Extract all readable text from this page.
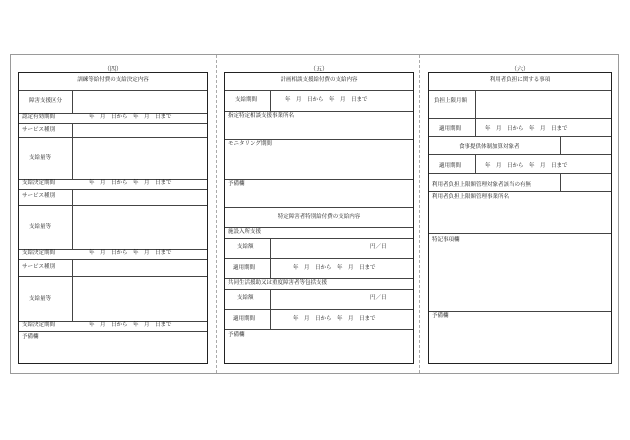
（四）
訓練等給付費の支給決定内容
障害支援区分
認定有効期間	年　月　日から　年　月　日まで
サービス種別
支給量等
支給決定期間	年　月　日から　年　月　日まで
サービス種別
支給量等
支給決定期間	年　月　日から　年　月　日まで
サービス種別
支給量等
支給決定期間	年　月　日から　年　月　日まで
予備欄
（五）
計画相談支援給付費の支給内容
支給期間	年　月　日から　年　月　日まで
指定特定相談支援事業所名
モニタリング期間
予備欄
特定障害者特別給付費の支給内容
施設入所支援
支給額	円／日
適用期間	年　月　日から　年　月　日まで
共同生活援助又は重度障害者等包括支援
支給額	円／日
適用期間	年　月　日から　年　月　日まで
予備欄
（六）
利用者負担に関する事項
負担上限月額
適用期間	年　月　日から　年　月　日まで
食事提供体制加算対象者
適用期間	年　月　日から　年　月　日まで
利用者負担上限額管理対象者該当の有無
利用者負担上限額管理事業所名
特記事項欄
予備欄
